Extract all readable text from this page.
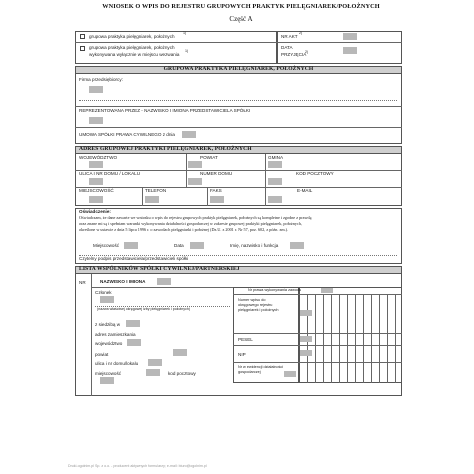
WNIOSEK O WPIS DO REJESTRU GRUPOWYCH PRAKTYK PIELĘGNIAREK/POŁOŻNYCH
Część A
grupowa praktyka pielęgniarek, położnych
1)
grupowa praktyka pielęgniarek, położnych
wykonywana wyłącznie w miejscu wezwania
1)
NR AKT
2)
DATA
PRZYJĘCIA
2)
GRUPOWA PRAKTYKA PIELĘGNIAREK, POŁOŻNYCH
Firma przedsiębiorcy:
REPREZENTOWANA PRZEZ - NAZWISKO I IMIONA PRZEDSTAWICIELA SPÓŁKI
UMOWA SPÓŁKI PRAWA CYWILNEGO z dnia
ADRES GRUPOWEJ PRAKTYKI PIELĘGNIAREK, POŁOŻNYCH
WOJEWÓDZTWO	POWIAT	GMINA
ULICA I NR DOMU / LOKALU	NUMER DOMU	KOD POCZTOWY
MIEJSCOWOŚĆ	TELEFON	FAKS	E-MAIL
Oświadczenie:
Oświadczam, że dane zawarte we wniosku o wpis do rejestru grupowych praktyk pielęgniarek, położnych są kompletne i zgodne z prawdą
oraz znane mi są i spełniam warunki wykonywania działalności gospodarczej w zakresie grupowej praktyki pielęgniarek, położnych,
określone w ustawie z dnia 5 lipca 1996 r. o zawodach pielęgniarki i położnej (Dz.U. z 2001 r. Nr 57, poz. 602, z późn. zm.).
Miejscowość	Data	Imię, nazwisko i funkcja
Czytelny podpis przedstawiciela/przedstawicieli spółki
LISTA WSPÓLNIKÓW SPÓŁKI CYWILNEJ/PARTNERSKIEJ
NR	NAZWISKO I IMIONA
Członek
(nazwa właściwej okręgowej izby pielęgniarek i położnych)
z siedzibą w
adres zamieszkania
województwo
powiat
ulica i nr domu/lokalu
miejscowość	kod pocztowy
Nr prawa wykonywania zawodu
Numer wpisu do okręgowego rejestru pielęgniarek i położnych
PESEL
NIP
Nr w ewidencji działalności gospodarczej
Druki-ogolnim.pl Sp. z o.o. - producent aktywnych formularzy; e-mail: biuro@ogolnim.pl
